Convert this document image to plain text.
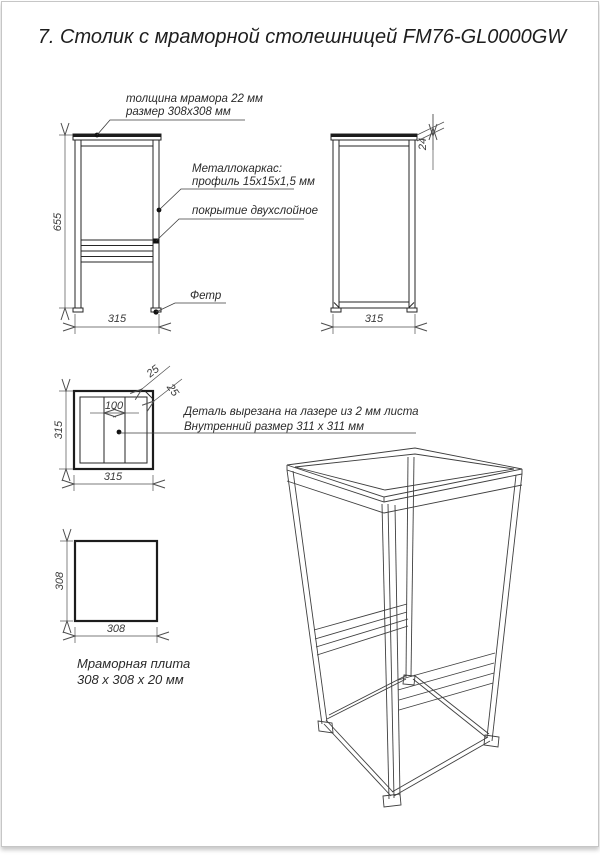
7. Столик с мраморной столешницей FM76-GL0000GW
толщина мрамора 22 мм
размер 308х308 мм
Металлокаркас:
профиль 15х15х1,5 мм
покрытие двухслойное
Фетр
655
315
24
315
100	Деталь вырезана на лазере из 2 мм листа
Внутренний размер 311 х 311 мм
25
25
315
315
308
308
Мраморная плита
308 х 308 х 20 мм
